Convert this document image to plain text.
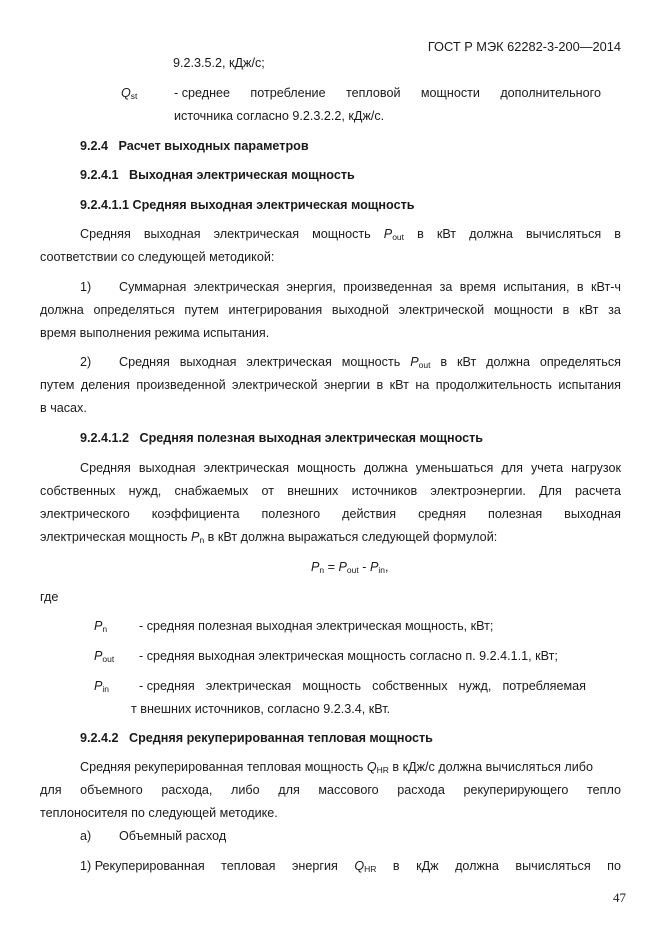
ГОСТ Р МЭК 62282-3-200—2014
9.2.3.5.2, кДж/с;
$Q_{st}$	- среднее потребление тепловой мощности дополнительного
источника согласно 9.2.3.2.2, кДж/с.
9.2.4   Расчет выходных параметров
9.2.4.1   Выходная электрическая мощность
9.2.4.1.1 Средняя выходная электрическая мощность
Средняя выходная электрическая мощность $P_{out}$ в кВт должна вычисляться в
соответствии со следующей методикой:
1) Суммарная электрическая энергия, произведенная за время испытания, в кВт-ч
должна определяться путем интегрирования выходной электрической мощности в кВт за
время выполнения режима испытания.
2) Средняя выходная электрическая мощность $P_{out}$ в кВт должна определяться
путем деления произведенной электрической энергии в кВт на продолжительность испытания
в часах.
9.2.4.1.2   Средняя полезная выходная электрическая мощность
Средняя выходная электрическая мощность должна уменьшаться для учета нагрузок
собственных нужд, снабжаемых от внешних источников электроэнергии. Для расчета
электрического коэффициента полезного действия средняя полезная выходная
электрическая мощность $P_n$ в кВт должна выражаться следующей формулой:
$P_n = P_{out} - P_{in}$,
где
$P_n$	- средняя полезная выходная электрическая мощность, кВт;
$P_{out}$ - средняя выходная электрическая мощность согласно п. 9.2.4.1.1, кВт;
$P_{in}$ - средняя электрическая мощность собственных нужд, потребляемая
т внешних источников, согласно 9.2.3.4, кВт.
9.2.4.2   Средняя рекуперированная тепловая мощность
Средняя рекуперированная тепловая мощность $Q_{HR}$ в кДж/с должна вычисляться либо
для объемного расхода, либо для массового расхода рекуперирующего тепло
теплоносителя по следующей методике.
а) Объемный расход
1) Рекуперированная тепловая энергия $Q_{HR}$ в кДж должна вычисляться по
47
